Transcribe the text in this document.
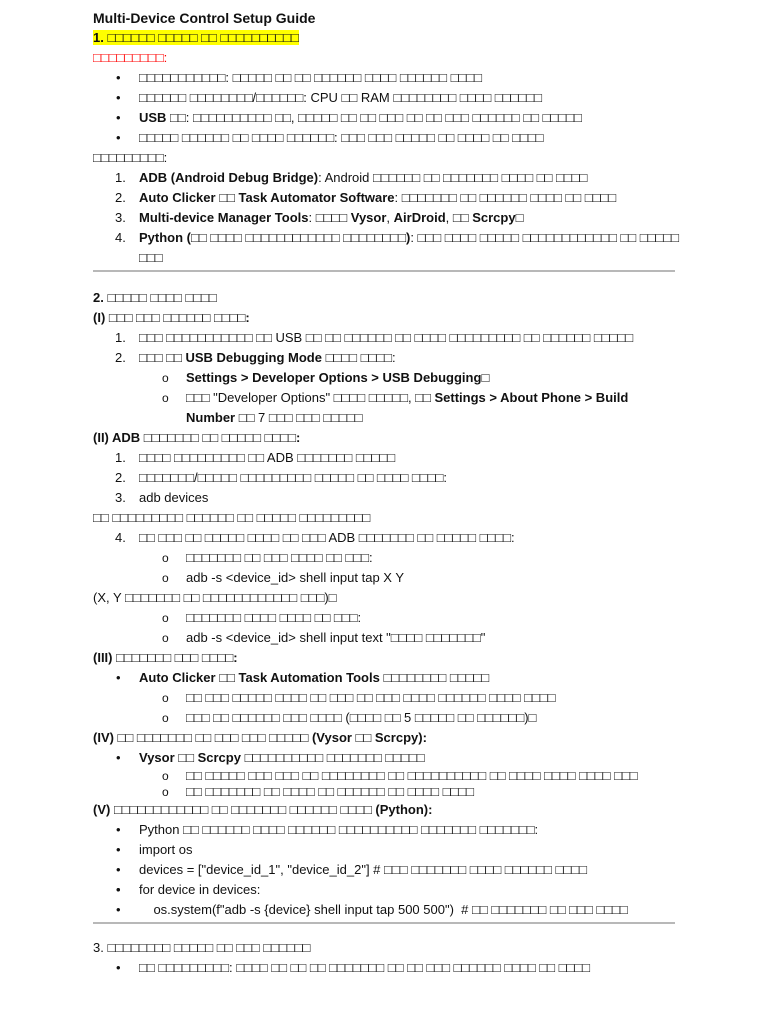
Multi-Device Control Setup Guide
1. □□□□□□ □□□□□ □□ □□□□□□□□□□
□□□□□□□□□:
• □□□□□□□□□□□: □□□□□ □□ □□ □□□□□□ □□□□ □□□□□□ □□□□
• □□□□□□ □□□□□□□□/□□□□□□: CPU □□ RAM □□□□□□□□ □□□□ □□□□□□
• USB □□: □□□□□□□□□□ □□, □□□□□ □□ □□ □□□ □□ □□ □□□ □□□□□□ □□ □□□□□
• □□□□□ □□□□□□ □□ □□□□ □□□□□□: □□□ □□□ □□□□□ □□ □□□□ □□ □□□□
□□□□□□□□□:
1. ADB (Android Debug Bridge): Android □□□□□□ □□ □□□□□□□ □□□□ □□ □□□□
2. Auto Clicker □□ Task Automator Software: □□□□□□□ □□ □□□□□□ □□□□ □□ □□□□
3. Multi-device Manager Tools: □□□□ Vysor, AirDroid, □□ Scrcpy□
4. Python (□□ □□□□ □□□□□□□□□□□□ □□□□□□□□): □□□ □□□□ □□□□□ □□□□□□□□□□□□ □□ □□□□□ □□□
2. □□□□□ □□□□ □□□□
(I) □□□ □□□ □□□□□□ □□□□:
1. □□□ □□□□□□□□□□□ □□ USB □□ □□ □□□□□□ □□ □□□□ □□□□□□□□□ □□ □□□□□□ □□□□□
2. □□□ □□ USB Debugging Mode □□□□ □□□□:
o Settings > Developer Options > USB Debugging□
o □□□ "Developer Options" □□□□ □□□□□, □□ Settings > About Phone > Build Number □□ 7 □□□ □□□ □□□□□
(II) ADB □□□□□□□ □□ □□□□□ □□□□:
1. □□□□ □□□□□□□□□ □□ ADB □□□□□□□ □□□□□
2. □□□□□□□/□□□□□ □□□□□□□□□ □□□□□ □□ □□□□ □□□□:
3. adb devices
□□ □□□□□□□□□ □□□□□□ □□ □□□□□ □□□□□□□□□
4. □□ □□□ □□ □□□□□ □□□□ □□ □□□ ADB □□□□□□□ □□ □□□□□ □□□□:
o □□□□□□□ □□ □□□ □□□□ □□ □□□:
o adb -s <device_id> shell input tap X Y
(X, Y □□□□□□□ □□ □□□□□□□□□□□□ □□□)□
o □□□□□□□ □□□□ □□□□ □□ □□□:
o adb -s <device_id> shell input text "□□□□ □□□□□□□"
(III) □□□□□□□ □□□ □□□□:
• Auto Clicker □□ Task Automation Tools □□□□□□□□ □□□□□
o □□ □□□ □□□□□ □□□□ □□ □□□ □□ □□□ □□□□ □□□□□□ □□□□ □□□□
o □□□ □□ □□□□□□ □□□ □□□□ (□□□□ □□ 5 □□□□□ □□ □□□□□□)□
(IV) □□ □□□□□□□ □□ □□□ □□□ □□□□□ (Vysor □□ Scrcpy):
• Vysor □□ Scrcpy □□□□□□□□□□ □□□□□□□ □□□□□
o □□ □□□□□ □□□ □□□ □□ □□□□□□□□ □□ □□□□□□□□□□ □□ □□□□ □□□□ □□□□ □□□
o □□ □□□□□□□ □□ □□□□ □□ □□□□□□ □□ □□□□ □□□□
(V) □□□□□□□□□□□□ □□ □□□□□□□ □□□□□□ □□□□ (Python):
• Python □□ □□□□□□ □□□□ □□□□□□ □□□□□□□□□□ □□□□□□□ □□□□□□□:
• import os
• devices = ["device_id_1", "device_id_2"] # □□□ □□□□□□□ □□□□ □□□□□□ □□□□
• for device in devices:
•     os.system(f"adb -s {device} shell input tap 500 500")  # □□ □□□□□□□ □□ □□□ □□□□
3. □□□□□□□□ □□□□□ □□ □□□ □□□□□□
• □□ □□□□□□□□□: □□□□ □□ □□ □□ □□□□□□□ □□ □□ □□□ □□□□□□ □□□□ □□ □□□□
